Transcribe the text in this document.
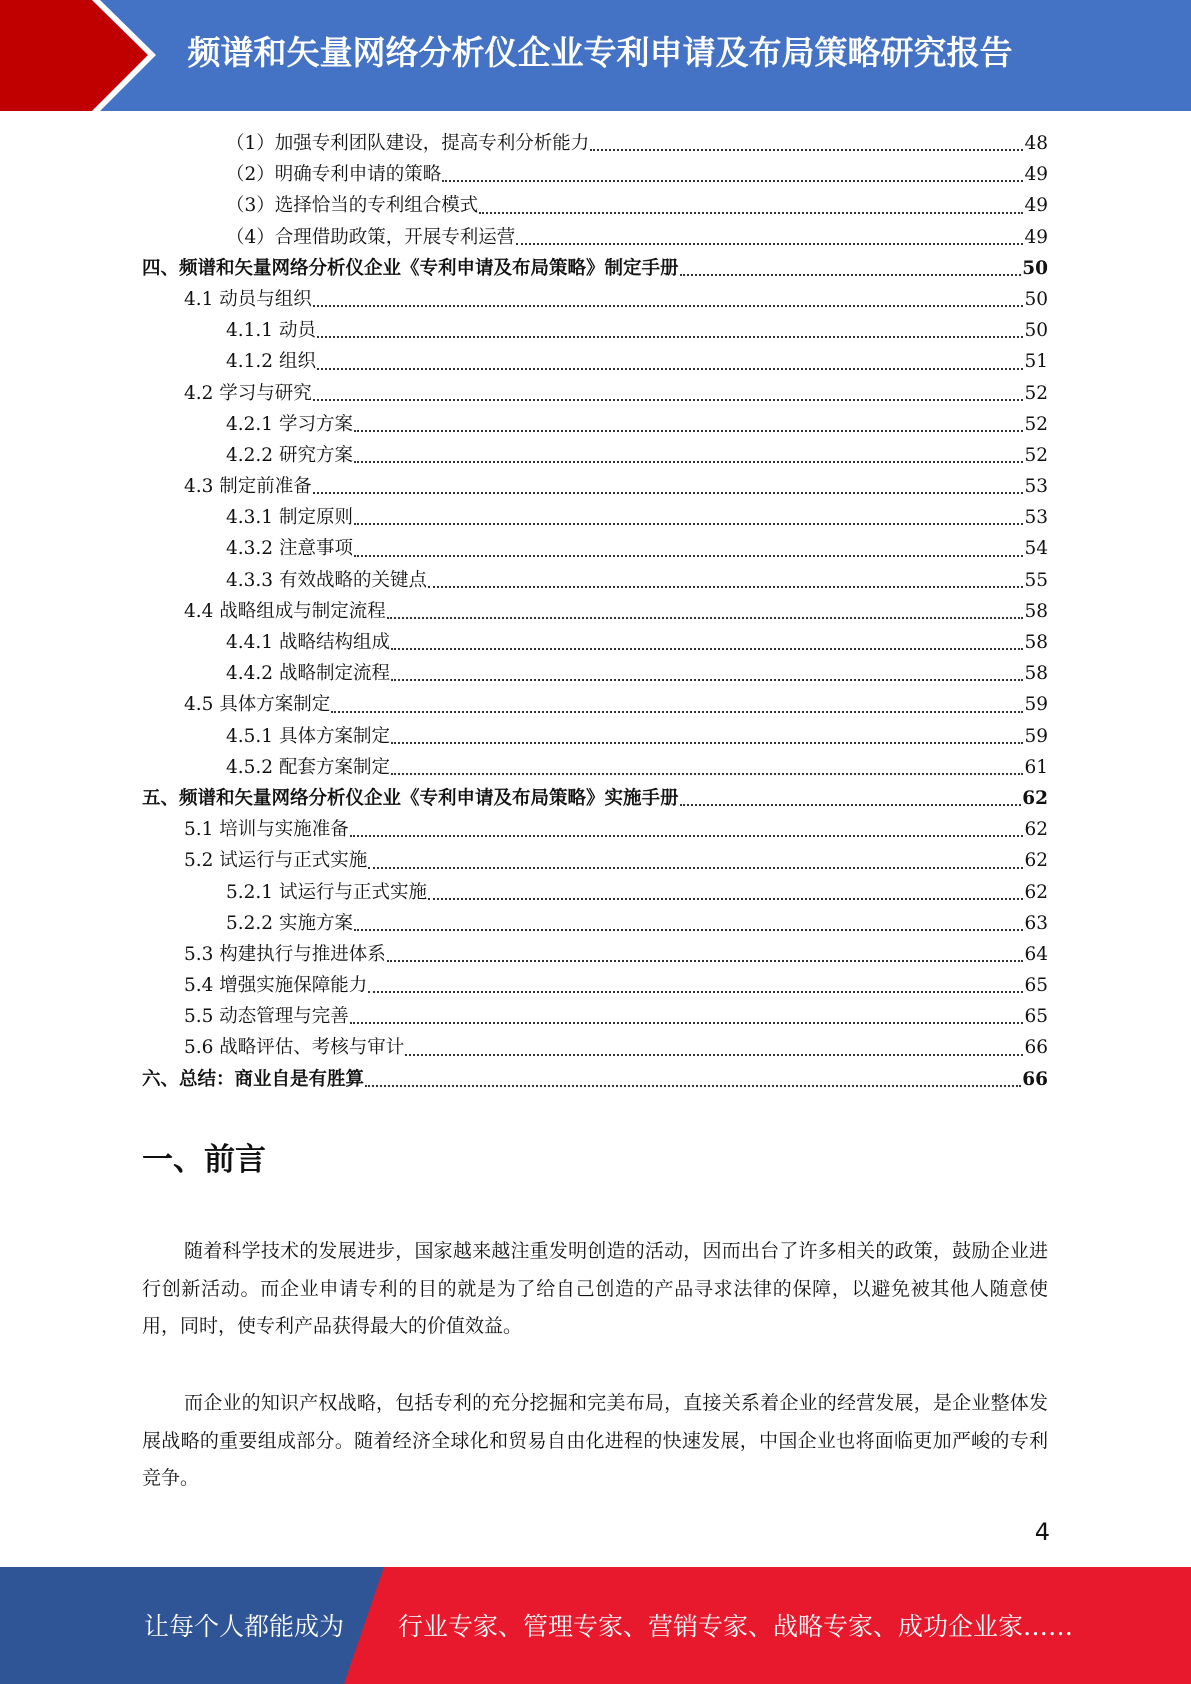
频谱和矢量网络分析仪企业专利申请及布局策略研究报告
（1）加强专利团队建设，提高专利分析能力	48
（2）明确专利申请的策略	49
（3）选择恰当的专利组合模式	49
（4）合理借助政策，开展专利运营	49
四、频谱和矢量网络分析仪企业《专利申请及布局策略》制定手册	50
4.1 动员与组织	50
4.1.1 动员	50
4.1.2 组织	51
4.2 学习与研究	52
4.2.1 学习方案	52
4.2.2 研究方案	52
4.3 制定前准备	53
4.3.1 制定原则	53
4.3.2 注意事项	54
4.3.3 有效战略的关键点	55
4.4 战略组成与制定流程	58
4.4.1 战略结构组成	58
4.4.2 战略制定流程	58
4.5 具体方案制定	59
4.5.1 具体方案制定	59
4.5.2 配套方案制定	61
五、频谱和矢量网络分析仪企业《专利申请及布局策略》实施手册	62
5.1 培训与实施准备	62
5.2 试运行与正式实施	62
5.2.1 试运行与正式实施	62
5.2.2 实施方案	63
5.3 构建执行与推进体系	64
5.4 增强实施保障能力	65
5.5 动态管理与完善	65
5.6 战略评估、考核与审计	66
六、总结：商业自是有胜算	66
一、前言

随着科学技术的发展进步，国家越来越注重发明创造的活动，因而出台了许多相关的政策，鼓励企业进行创新活动。而企业申请专利的目的就是为了给自己创造的产品寻求法律的保障，以避免被其他人随意使用，同时，使专利产品获得最大的价值效益。

而企业的知识产权战略，包括专利的充分挖掘和完美布局，直接关系着企业的经营发展，是企业整体发展战略的重要组成部分。随着经济全球化和贸易自由化进程的快速发展，中国企业也将面临更加严峻的专利竞争。

4
让每个人都能成为 行业专家、管理专家、营销专家、战略专家、成功企业家……
